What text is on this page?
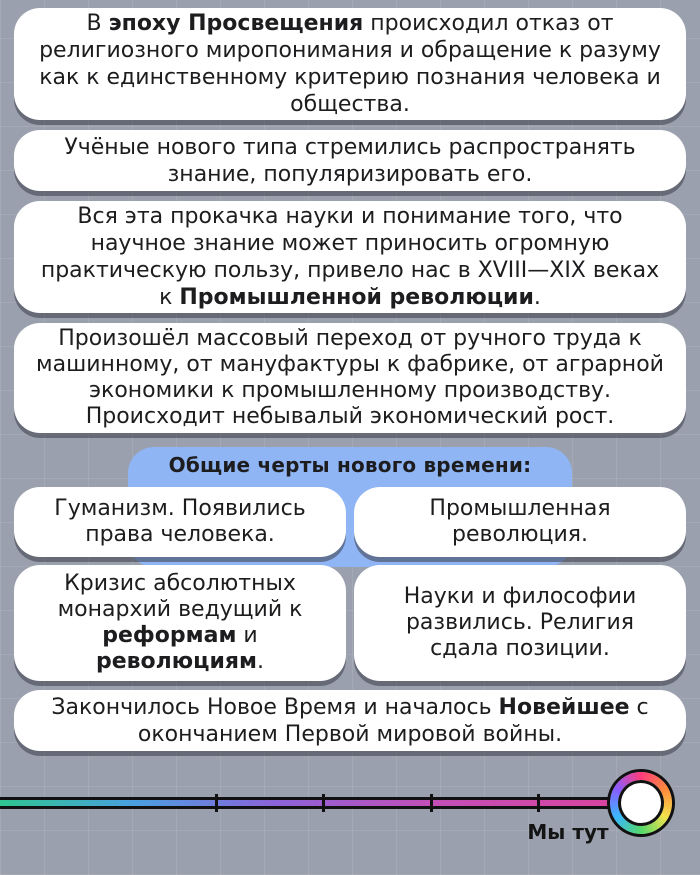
В эпоху Просвещения происходил отказ от религиозного миропонимания и обращение к разуму как к единственному критерию познания человека и общества.

Учёные нового типа стремились распространять знание, популяризировать его.

Вся эта прокачка науки и понимание того, что научное знание может приносить огромную практическую пользу, привело нас в XVIII—XIX веках к Промышленной революции.

Произошёл массовый переход от ручного труда к машинному, от мануфактуры к фабрике, от аграрной экономики к промышленному производству. Происходит небывалый экономический рост.

Общие черты нового времени:

Гуманизм. Появились права человека.

Промышленная революция.

Кризис абсолютных монархий ведущий к реформам и революциям.

Науки и философии развились. Религия сдала позиции.

Закончилось Новое Время и началось Новейшее с окончанием Первой мировой войны.

Мы тут
